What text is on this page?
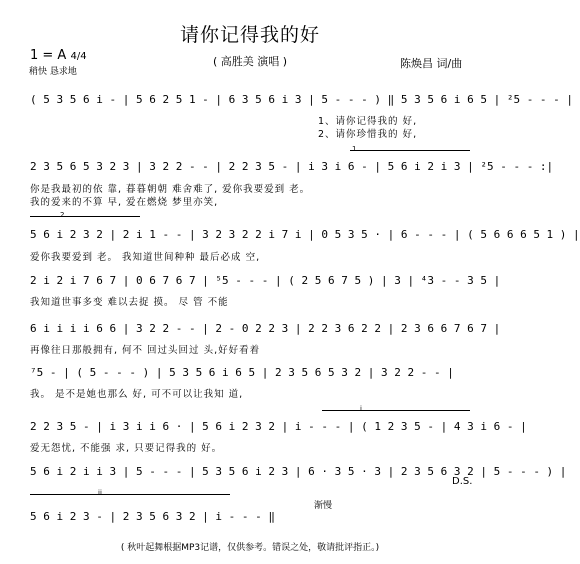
请你记得我的好
1 = A 4/4
稍快 恳求地
( 高胜美 演唱 )	陈焕昌 词/曲
( 5 3 5 6 i - | 5 6 2 5 1 - | 6 3 5 6 i 3 | 5 - - - ) ‖ 5 3 5 6 i 6 5 | ²5 - - - |
1、请你记得我的 好,
2、请你珍惜我的 好,
1
2 3 5 6 5 3 2 3 | 3 2 2 - - | 2 2 3 5 - | i 3 i 6 - | 5 6 i 2 i 3 | ²5 - - - :|
你是我最初的依 靠, 暮暮朝朝 难舍难了, 爱你我要爱到 老。
我的爱来的不算 早, 爱在燃烧 梦里亦笑,
2
5 6 i 2 3 2 | 2 i 1 - - | 3 2 3 2 2 i 7 i | 0 5 3 5 · | 6 - - - | ( 5 6 6 6 5 1 ) |
爱你我要爱到 老。 我知道世间种种 最后必成 空,
2 i 2 i 7 6 7 | 0 6 7 6 7 | ⁵5 - - - | ( 2 5 6 7 5 ) | 3 | ⁴3 - - 3 5 |
我知道世事多变 难以去捉 摸。 尽 管 不能
6 i i i i 6 6 | 3 2 2 - - | 2 - 0 2 2 3 | 2 2 3 6 2 2 | 2 3 6 6 7 6 7 |
再像往日那般拥有, 何不 回过头回过 头,好好看着
⁷5 - | ( 5 - - - ) | 5 3 5 6 i 6 5 | 2 3 5 6 5 3 2 | 3 2 2 - - |
我。 是不是她也那么 好, 可不可以让我知 道,
i
2 2 3 5 - | i 3 i i 6 · | 5 6 i 2 3 2 | i - - - | ( 1 2 3 5 - | 4 3 i 6 - |
爱无怨忧, 不能强 求, 只要记得我的 好。
5 6 i 2 i i 3 | 5 - - - | 5 3 5 6 i 2 3 | 6 · 3 5 · 3 | 2 3 5 6 3 2 | 5 - - - ) |
D.S.
ii
渐慢
5 6 i 2 3 - | 2 3 5 6 3 2 | i - - - ‖
( 秋叶起舞根据MP3记谱，仅供参考。错误之处，敬请批评指正。)
